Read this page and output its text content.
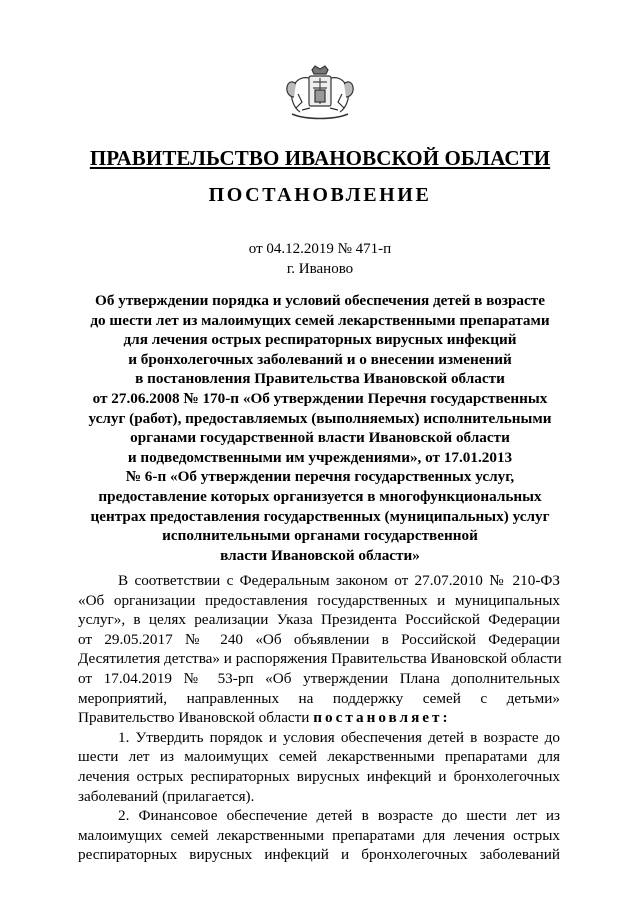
ПРАВИТЕЛЬСТВО ИВАНОВСКОЙ ОБЛАСТИ
ПОСТАНОВЛЕНИЕ
от 04.12.2019 № 471-п
г. Иваново
Об утверждении порядка и условий обеспечения детей в возрасте
до шести лет из малоимущих семей лекарственными препаратами
для лечения острых респираторных вирусных инфекций
и бронхолегочных заболеваний и о внесении изменений
в постановления Правительства Ивановской области
от 27.06.2008 № 170-п «Об утверждении Перечня государственных
услуг (работ), предоставляемых (выполняемых) исполнительными
органами государственной власти Ивановской области
и подведомственными им учреждениями», от 17.01.2013
№ 6-п «Об утверждении перечня государственных услуг,
предоставление которых организуется в многофункциональных
центрах предоставления государственных (муниципальных) услуг
исполнительными органами государственной
власти Ивановской области»
В соответствии с Федеральным законом от 27.07.2010 № 210-ФЗ
«Об организации предоставления государственных и муниципальных
услуг», в целях реализации Указа Президента Российской Федерации
от 29.05.2017 № 240 «Об объявлении в Российской Федерации
Десятилетия детства» и распоряжения Правительства Ивановской области
от 17.04.2019 № 53-рп «Об утверждении Плана дополнительных
мероприятий, направленных на поддержку семей с детьми»
Правительство Ивановской области постановляет:
1. Утвердить порядок и условия обеспечения детей в возрасте до
шести лет из малоимущих семей лекарственными препаратами для
лечения острых респираторных вирусных инфекций и бронхолегочных
заболеваний (прилагается).
2. Финансовое обеспечение детей в возрасте до шести лет из
малоимущих семей лекарственными препаратами для лечения острых
респираторных вирусных инфекций и бронхолегочных заболеваний
